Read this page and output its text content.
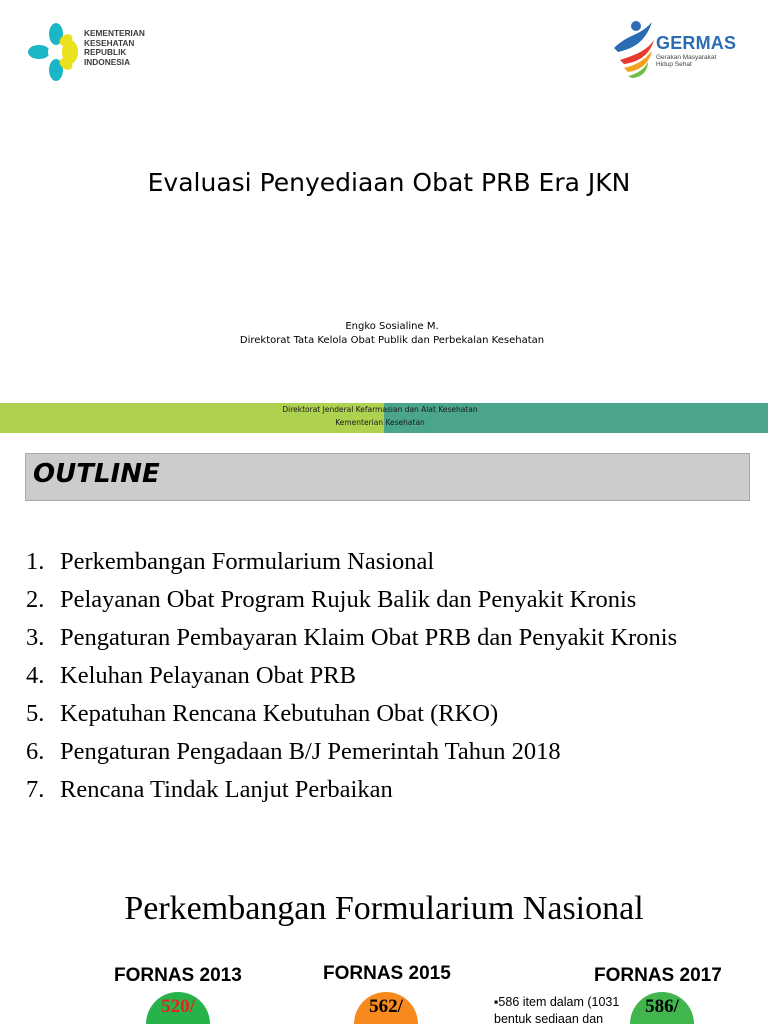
KEMENTERIAN
KESEHATAN
REPUBLIK
INDONESIA
GERMAS
Gerakan Masyarakat
Hidup Sehat
Evaluasi Penyediaan Obat PRB Era JKN
Engko Sosialine M.
Direktorat Tata Kelola Obat Publik dan Perbekalan Kesehatan
Direktorat Jenderal Kefarmasian dan Alat Kesehatan
Kementerian Kesehatan
OUTLINE
1. Perkembangan Formularium Nasional
2. Pelayanan Obat Program Rujuk Balik dan Penyakit Kronis
3. Pengaturan Pembayaran Klaim Obat PRB dan Penyakit Kronis
4. Keluhan Pelayanan Obat PRB
5. Kepatuhan Rencana Kebutuhan Obat (RKO)
6. Pengaturan Pengadaan B/J Pemerintah Tahun 2018
7. Rencana Tindak Lanjut Perbaikan
Perkembangan Formularium Nasional
FORNAS 2013	FORNAS 2015	FORNAS 2017
520/	562/	586/
▪586 item dalam (1031
bentuk sediaan dan
